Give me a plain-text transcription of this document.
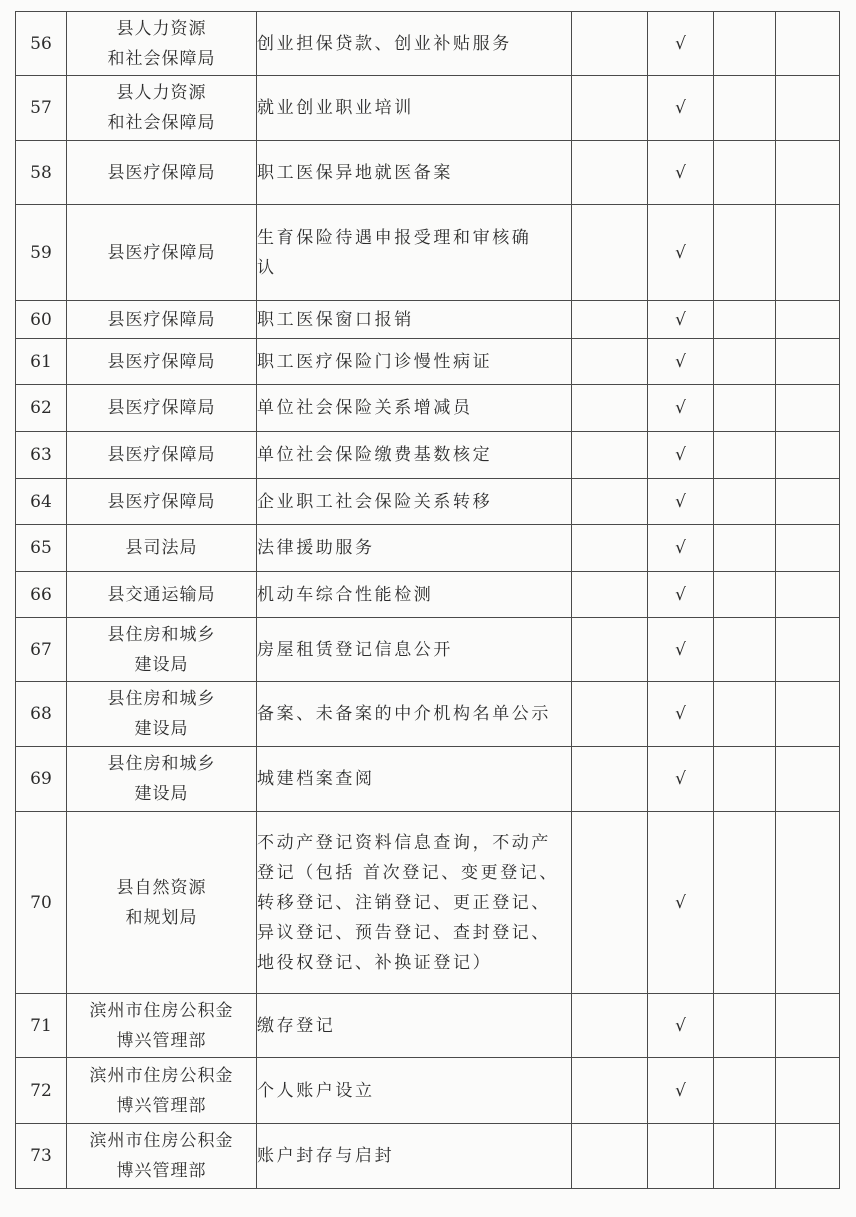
56	县人力资源
和社会保障局	创业担保贷款、创业补贴服务		√		
57	县人力资源
和社会保障局	就业创业职业培训		√		
58	县医疗保障局	职工医保异地就医备案		√		
59	县医疗保障局	生育保险待遇申报受理和审核确
认		√		
60	县医疗保障局	职工医保窗口报销		√		
61	县医疗保障局	职工医疗保险门诊慢性病证		√		
62	县医疗保障局	单位社会保险关系增减员		√		
63	县医疗保障局	单位社会保险缴费基数核定		√		
64	县医疗保障局	企业职工社会保险关系转移		√		
65	县司法局	法律援助服务		√		
66	县交通运输局	机动车综合性能检测		√		
67	县住房和城乡
建设局	房屋租赁登记信息公开		√		
68	县住房和城乡
建设局	备案、未备案的中介机构名单公示		√		
69	县住房和城乡
建设局	城建档案查阅		√		
70	县自然资源
和规划局	不动产登记资料信息查询，不动产
登记（包括 首次登记、变更登记、
转移登记、注销登记、更正登记、
异议登记、预告登记、查封登记、
地役权登记、补换证登记）		√		
71	滨州市住房公积金
博兴管理部	缴存登记		√		
72	滨州市住房公积金
博兴管理部	个人账户设立		√		
73	滨州市住房公积金
博兴管理部	账户封存与启封				
